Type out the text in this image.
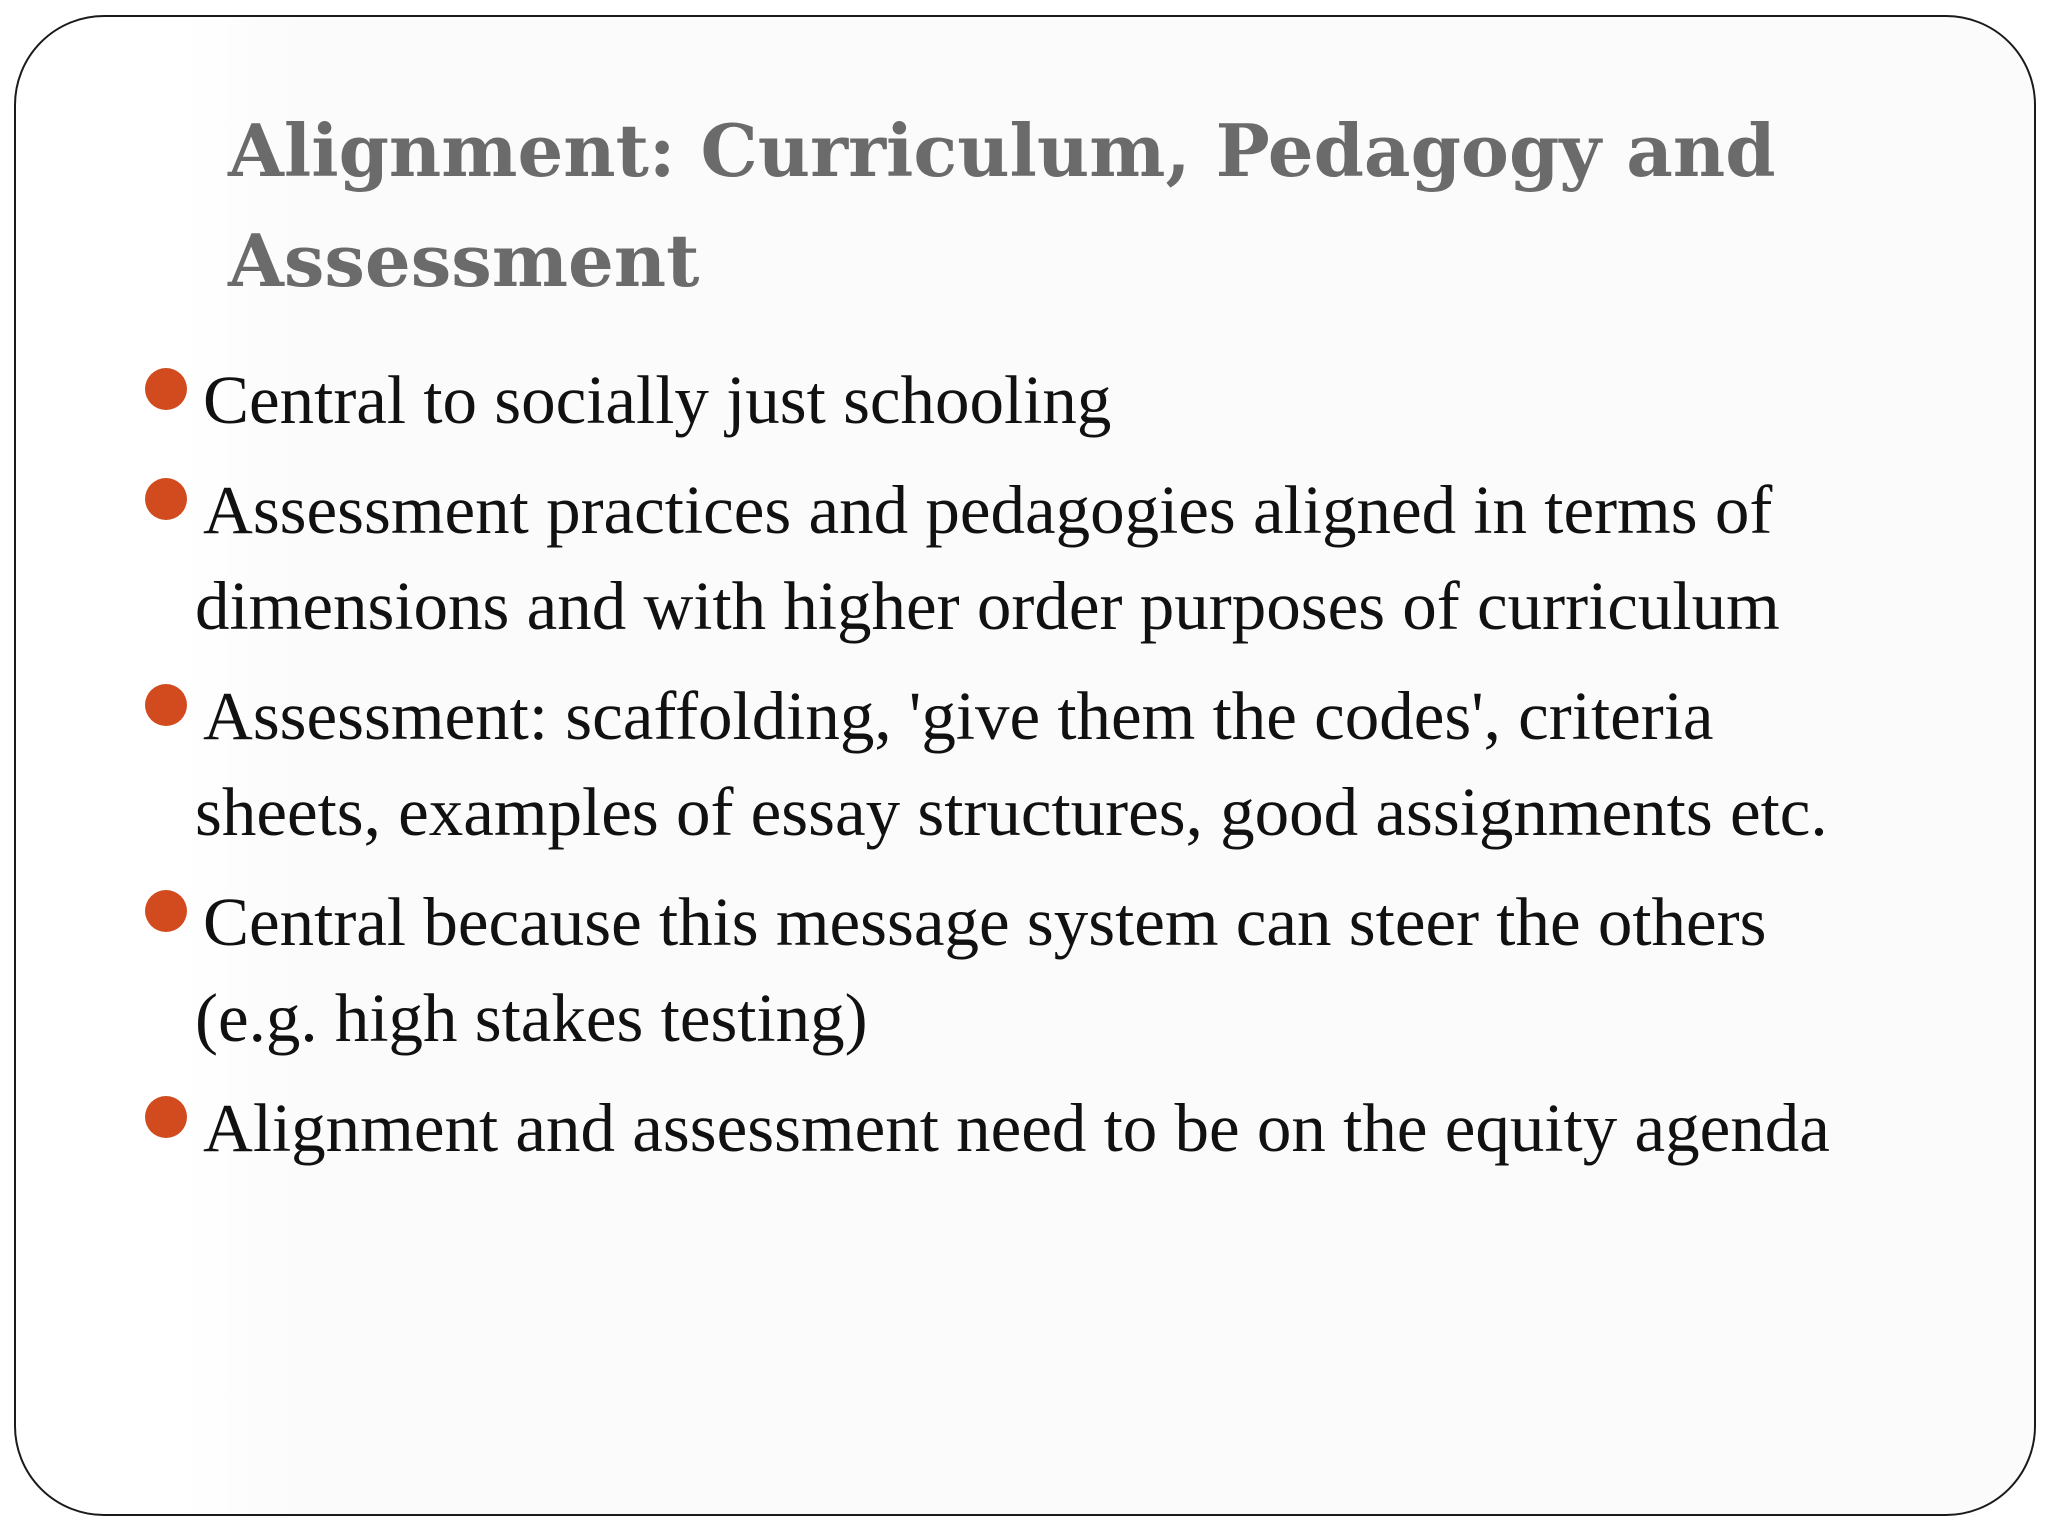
Alignment: Curriculum, Pedagogy and Assessment
Central to socially just schooling
Assessment practices and pedagogies aligned in terms of
dimensions and with higher order purposes of curriculum
Assessment: scaffolding, 'give them the codes', criteria
sheets, examples of essay structures, good assignments etc.
Central because this message system can steer the others
(e.g. high stakes testing)
Alignment and assessment need to be on the equity agenda
